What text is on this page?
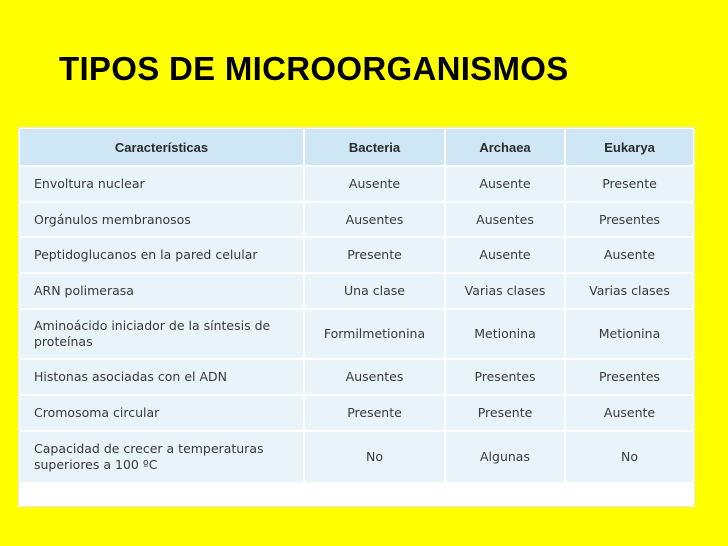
TIPOS DE MICROORGANISMOS
Características	Bacteria	Archaea	Eukarya
Envoltura nuclear	Ausente	Ausente	Presente
Orgánulos membranosos	Ausentes	Ausentes	Presentes
Peptidoglucanos en la pared celular	Presente	Ausente	Ausente
ARN polimerasa	Una clase	Varias clases	Varias clases
Aminoácido iniciador de la síntesis de proteínas	Formilmetionina	Metionina	Metionina
Histonas asociadas con el ADN	Ausentes	Presentes	Presentes
Cromosoma circular	Presente	Presente	Ausente
Capacidad de crecer a temperaturas superiores a 100 ºC	No	Algunas	No
